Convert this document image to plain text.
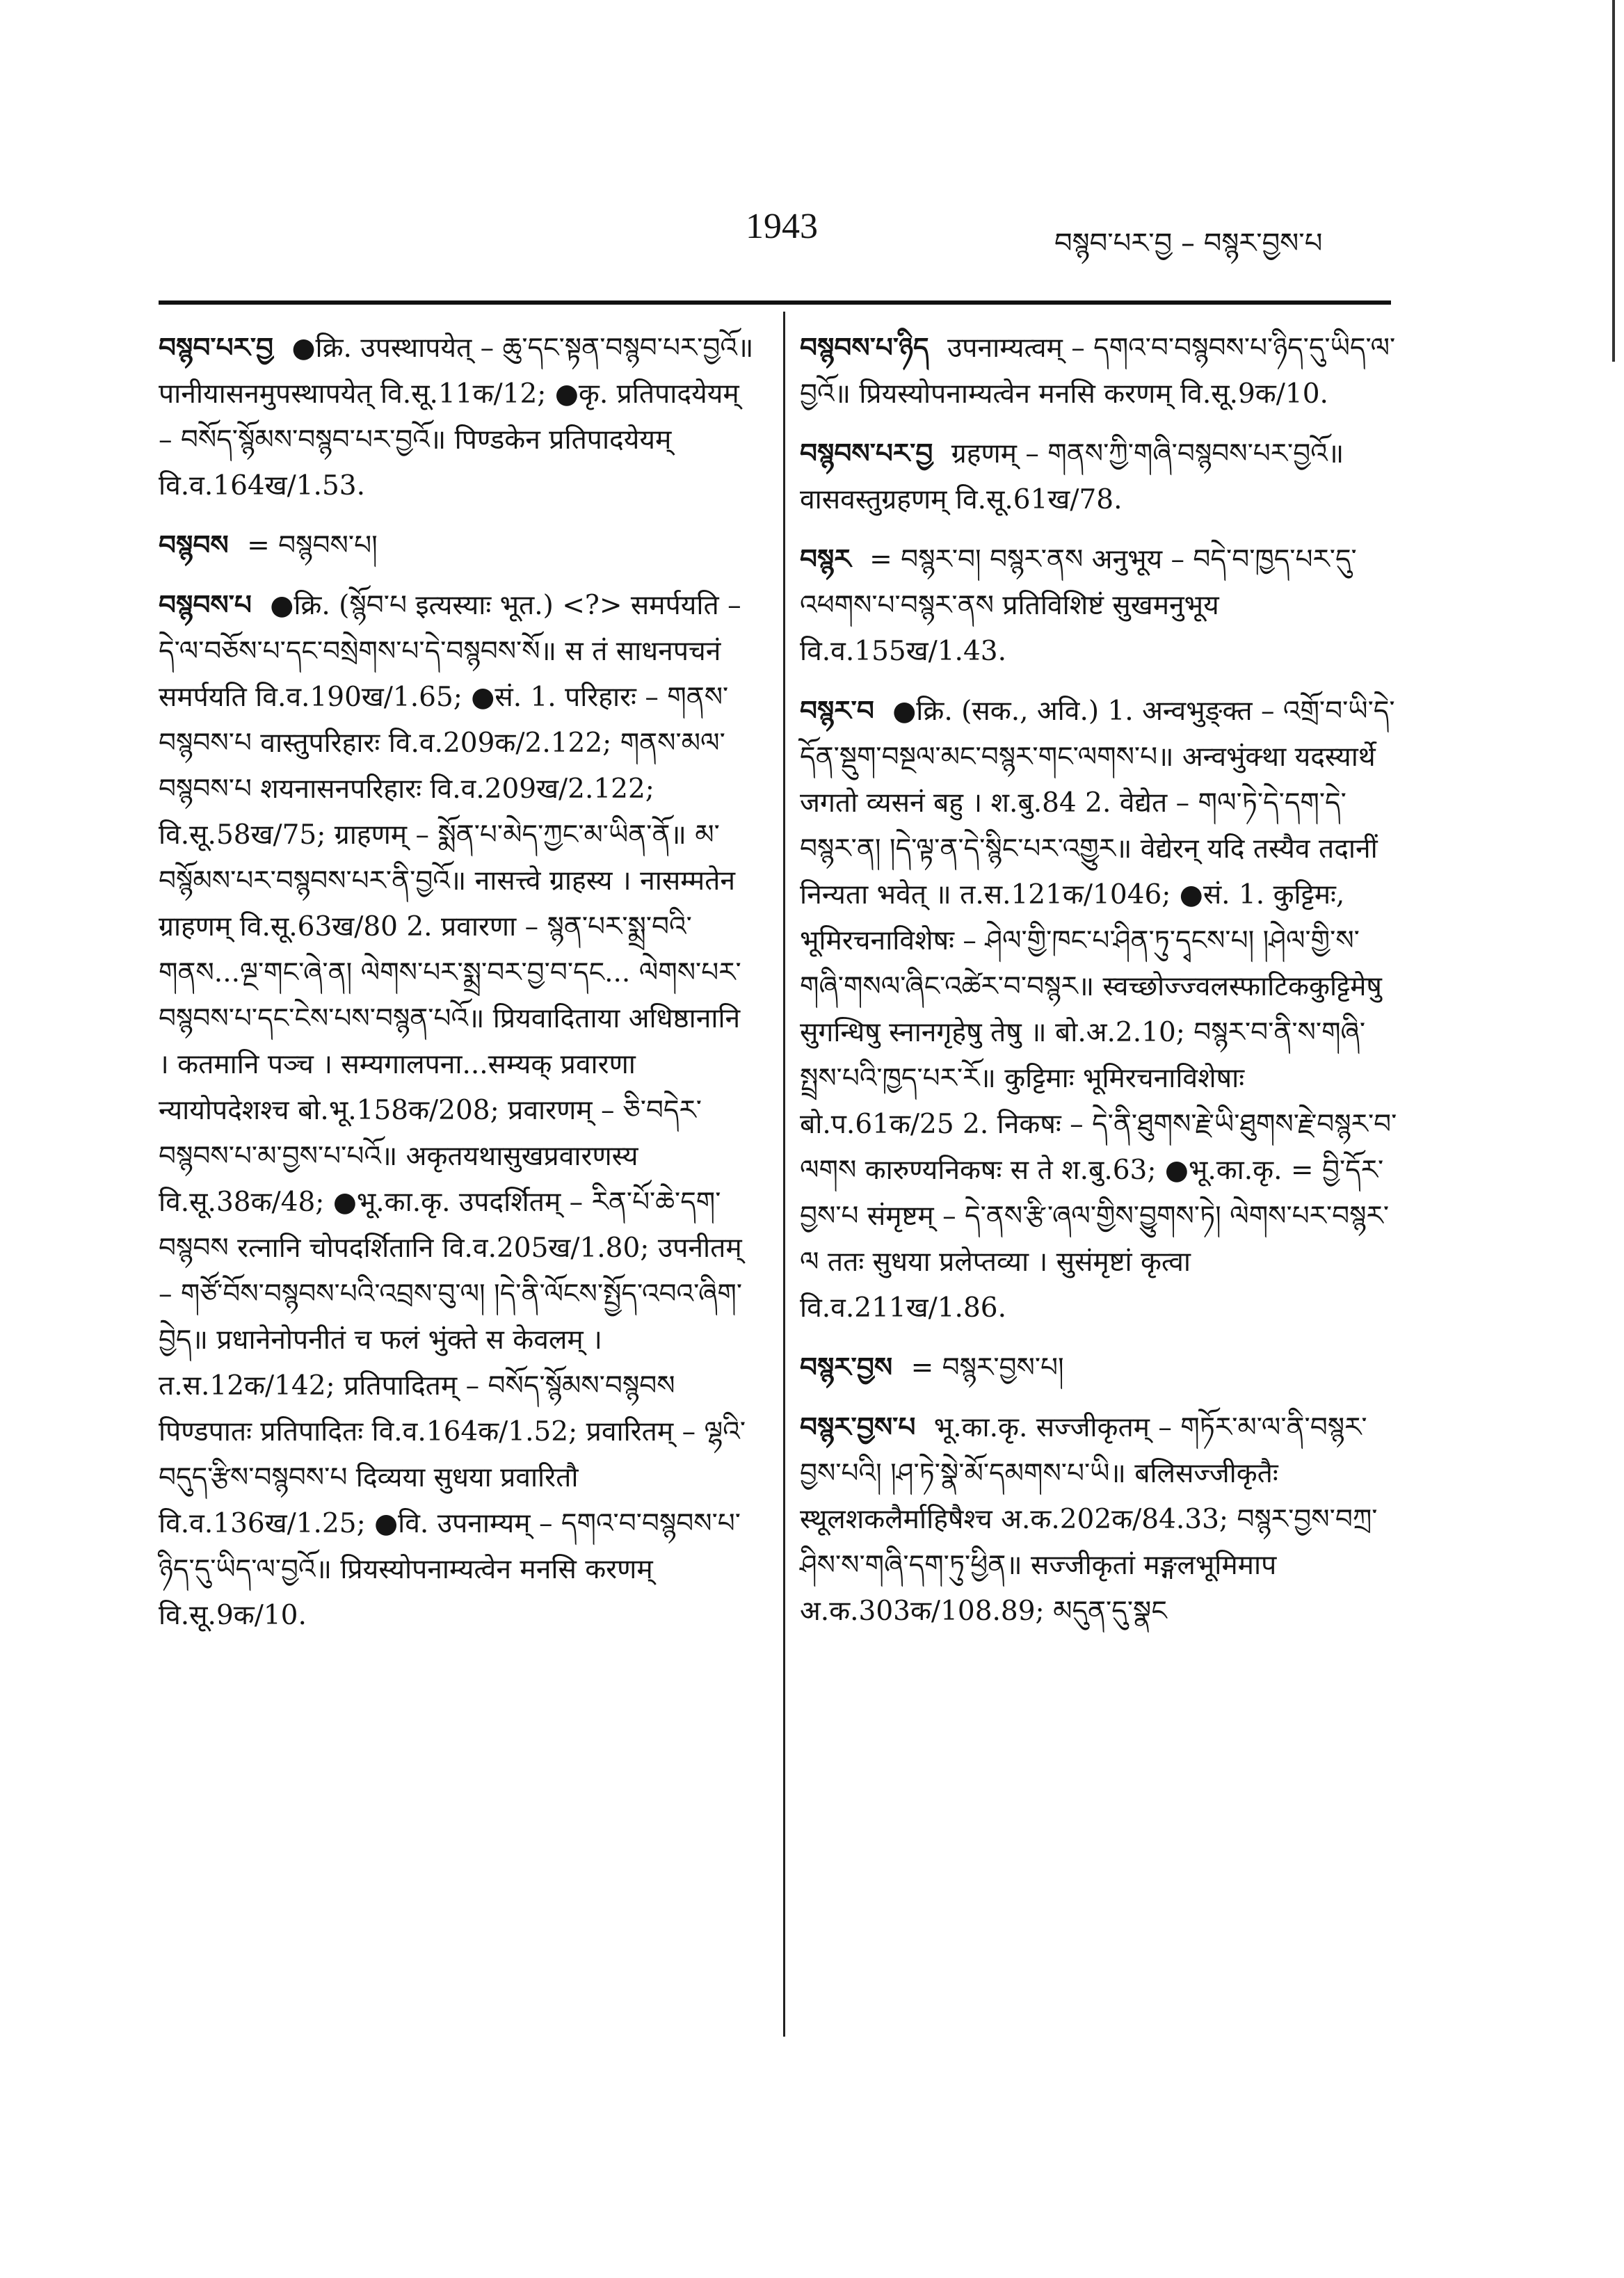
1943	བསྙབ་པར་བྱ – བསྙར་བྱས་པ
བསྙབ་པར་བྱ ●क्रि. उपस्थापयेत् – ཆུ་དང་སྟན་བསྙབ་པར་བྱའོ॥ पानीयासनमुपस्थापयेत् वि.सू.11क/12; ●कृ. प्रतिपादयेयम् – བསོད་སྙོམས་བསྙབ་པར་བྱའོ॥ पिण्डकेन प्रतिपादयेयम् वि.व.164ख/1.53.
བསྙབས = བསྙབས་པ།
བསྙབས་པ ●क्रि. (སྙོབ་པ इत्यस्याः भूत.) <?> समर्पयति – དེ་ལ་བཅོས་པ་དང་བསྲེགས་པ་དེ་བསྙབས་སོ॥ स तं साधनपचनं समर्पयति वि.व.190ख/1.65; ●सं. 1. परिहारः – གནས་བསྙབས་པ वास्तुपरिहारः वि.व.209क/2.122; གནས་མལ་བསྙབས་པ शयनासनपरिहारः वि.व.209ख/2.122; वि.सू.58ख/75; ग्राहणम् – སྨོན་པ་མེད་ཀྱང་མ་ཡིན་ནོ॥ མ་བསྙོམས་པར་བསྙབས་པར་ནི་བྱའོ॥ नासत्त्वे ग्राहस्य । नासम्मतेन ग्राहणम् वि.सू.63ख/80 2. प्रवारणा – སྙན་པར་སྨྲ་བའི་གནས...ལྔ་གང་ཞེ་ན། ལེགས་པར་སྨྲ་བར་བྱ་བ་དང... ལེགས་པར་བསྙབས་པ་དང་ངེས་པས་བསྙན་པའོ॥ प्रियवादिताया अधिष्ठानानि । कतमानि पञ्च । सम्यगालपना...सम्यक् प्रवारणा न्यायोपदेशश्च बो.भू.158क/208; प्रवारणम् – ཅི་བདེར་བསྙབས་པ་མ་བྱས་པ་པའོ॥ अकृतयथासुखप्रवारणस्य वि.सू.38क/48; ●भू.का.कृ. उपदर्शितम् – རིན་པོ་ཆེ་དག་བསྙབས रत्नानि चोपदर्शितानि वि.व.205ख/1.80; उपनीतम् – གཙོ་བོས་བསྙབས་པའི་འབྲས་བུ་ལ། །དེ་ནི་ལོངས་སྤྱོད་འབའ་ཞིག་བྱེད॥ प्रधानेनोपनीतं च फलं भुंक्ते स केवलम् । त.स.12क/142; प्रतिपादितम् – བསོད་སྙོམས་བསྙབས पिण्डपातः प्रतिपादितः वि.व.164क/1.52; प्रवारितम् – ལྷའི་བདུད་རྩིས་བསྙབས་པ दिव्यया सुधया प्रवारितौ वि.व.136ख/1.25; ●वि. उपनाम्यम् – དགའ་བ་བསྙབས་པ་ཉིད་དུ་ཡིད་ལ་བྱའོ॥ प्रियस्योपनाम्यत्वेन मनसि करणम् वि.सू.9क/10.
བསྙབས་པ་ཉིད उपनाम्यत्वम् – དགའ་བ་བསྙབས་པ་ཉིད་དུ་ཡིད་ལ་བྱའོ॥ प्रियस्योपनाम्यत्वेन मनसि करणम् वि.सू.9क/10.
བསྙབས་པར་བྱ ग्रहणम् – གནས་ཀྱི་གཞི་བསྙབས་པར་བྱའོ॥ वासवस्तुग्रहणम् वि.सू.61ख/78.
བསྙར = བསྙར་བ། བསྙར་ནས अनुभूय – བདེ་བ་ཁྱད་པར་དུ་འཕགས་པ་བསྙར་ནས प्रतिविशिष्टं सुखमनुभूय वि.व.155ख/1.43.
བསྙར་བ ●क्रि. (सक., अवि.) 1. अन्वभुङ्क्त – འགྲོ་བ་ཡི་དེ་དོན་སྡུག་བསྔལ་མང་བསྙར་གང་ལགས་པ॥ अन्वभुंक्था यदस्यार्थे जगतो व्यसनं बहु । श.बु.84 2. वेद्येत – གལ་ཏེ་དེ་དག་དེ་བསྙར་ན། །དེ་ལྟ་ན་དེ་སྙིང་པར་འགྱུར॥ वेद्येरन् यदि तस्यैव तदानीं निन्यता भवेत् ॥ त.स.121क/1046; ●सं. 1. कुट्टिमः, भूमिरचनाविशेषः – ཤེལ་གྱི་ཁང་པ་ཤིན་ཏུ་དྭངས་པ། །ཤེལ་གྱི་ས་གཞི་གསལ་ཞིང་འཚེར་བ་བསྙར॥ स्वच्छोज्ज्वलस्फाटिककुट्टिमेषु सुगन्धिषु स्नानगृहेषु तेषु ॥ बो.अ.2.10; བསྙར་བ་ནི་ས་གཞི་སྤྲས་པའི་ཁྱད་པར་རོ॥ कुट्टिमाः भूमिरचनाविशेषाः बो.प.61क/25 2. निकषः – དེ་ནི་ཐུགས་རྗེ་ཡི་ཐུགས་རྗེ་བསྙར་བ་ལགས कारुण्यनिकषः स ते श.बु.63; ●भू.का.कृ. = བྱི་དོར་བྱས་པ संमृष्टम् – དེ་ནས་རྩི་ཞལ་གྱིས་བྱུགས་ཏེ། ལེགས་པར་བསྙར་ལ ततः सुधया प्रलेप्तव्या । सुसंमृष्टां कृत्वा वि.व.211ख/1.86.
བསྙར་བྱས = བསྙར་བྱས་པ།
བསྙར་བྱས་པ भू.का.कृ. सज्जीकृतम् – གཏོར་མ་ལ་ནི་བསྙར་བྱས་པའི། །ཤ་ཏེ་སྣེ་མོ་དམགས་པ་ཡི॥ बलिसज्जीकृतैः स्थूलशकलैर्माहिषैश्च अ.क.202क/84.33; བསྙར་བྱས་བཀྲ་ཤིས་ས་གཞི་དག་ཏུ་ཕྱིན॥ सज्जीकृतां मङ्गलभूमिमाप अ.क.303क/108.89; མདུན་དུ་སྣང
